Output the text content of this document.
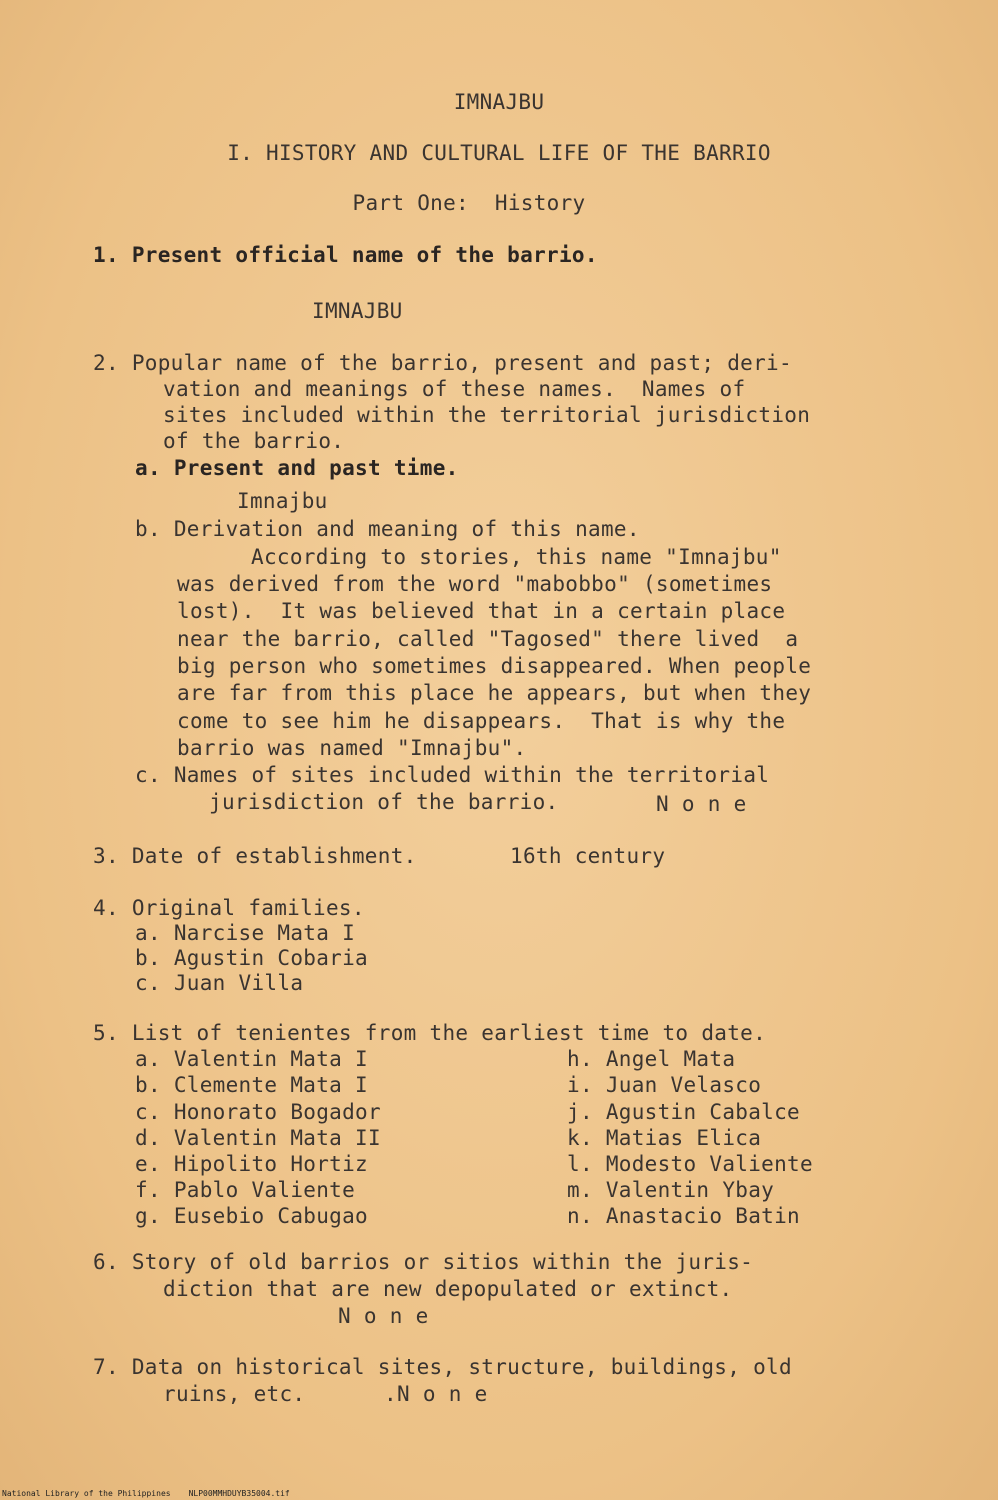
IMNAJBU
I. HISTORY AND CULTURAL LIFE OF THE BARRIO
Part One:  History
1. Present official name of the barrio.
IMNAJBU
2. Popular name of the barrio, present and past; deri-
vation and meanings of these names.  Names of
sites included within the territorial jurisdiction
of the barrio.
a. Present and past time.
Imnajbu
b. Derivation and meaning of this name.
According to stories, this name "Imnajbu"
was derived from the word "mabobbo" (sometimes
lost).  It was believed that in a certain place
near the barrio, called "Tagosed" there lived  a
big person who sometimes disappeared. When people
are far from this place he appears, but when they
come to see him he disappears.  That is why the
barrio was named "Imnajbu".
c. Names of sites included within the territorial
jurisdiction of the barrio.	N o n e
3. Date of establishment.	16th century
4. Original families.
a. Narcise Mata I
b. Agustin Cobaria
c. Juan Villa
5. List of tenientes from the earliest time to date.
a. Valentin Mata I
b. Clemente Mata I
c. Honorato Bogador
d. Valentin Mata II
e. Hipolito Hortiz
f. Pablo Valiente
g. Eusebio Cabugao
h. Angel Mata
i. Juan Velasco
j. Agustin Cabalce
k. Matias Elica
l. Modesto Valiente
m. Valentin Ybay
n. Anastacio Batin
6. Story of old barrios or sitios within the juris-
diction that are new depopulated or extinct.
N o n e
7. Data on historical sites, structure, buildings, old
ruins, etc.	.N o n e
National Library of the Philippines NLP00MMHDUYB35004.tif
